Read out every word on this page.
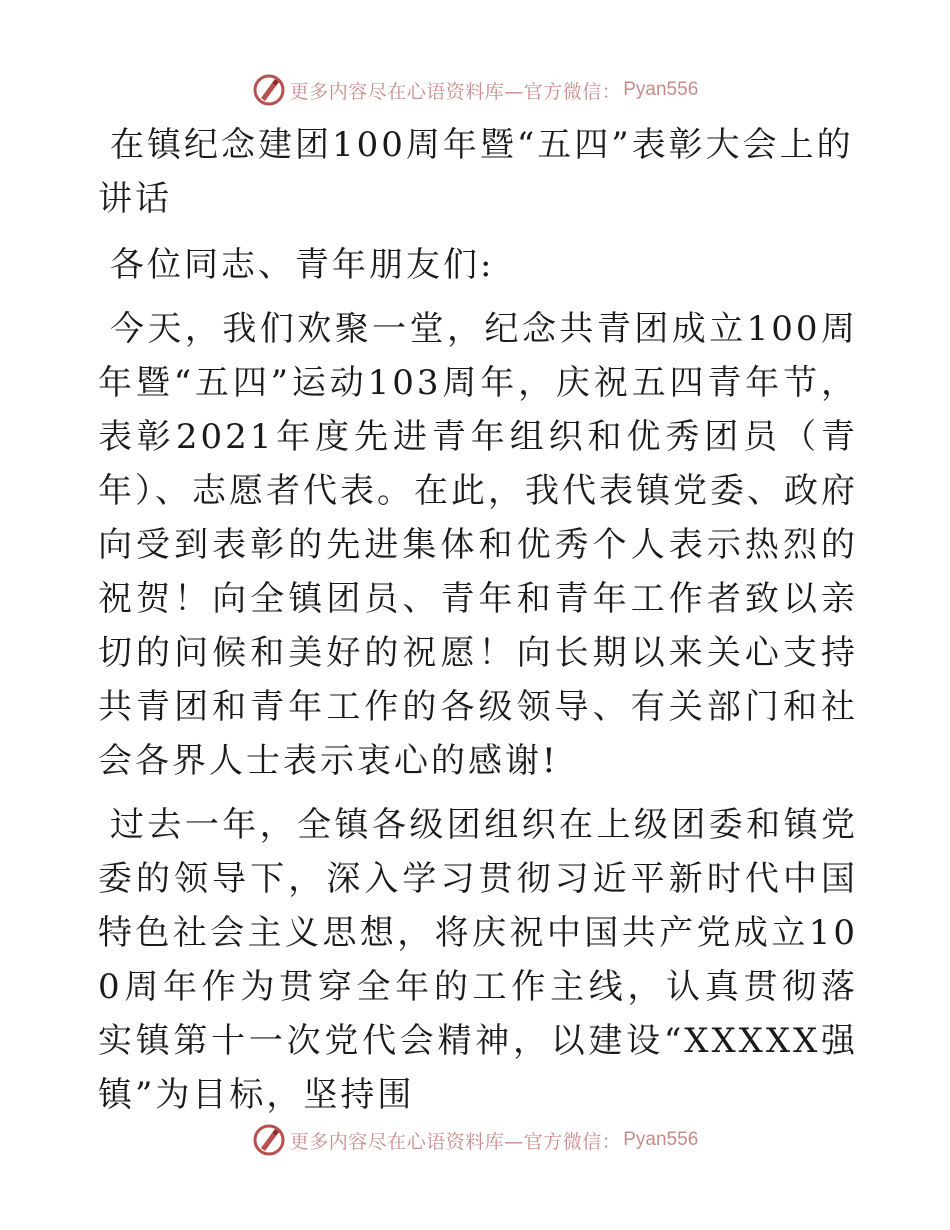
更多内容尽在心语资料库—官方微信： Pyan556

在镇纪念建团100周年暨“五四”表彰大会上的讲话

各位同志、青年朋友们:

今天，我们欢聚一堂，纪念共青团成立100周年暨“五四”运动103周年，庆祝五四青年节，表彰2021年度先进青年组织和优秀团员（青年）、志愿者代表。在此，我代表镇党委、政府向受到表彰的先进集体和优秀个人表示热烈的祝贺！向全镇团员、青年和青年工作者致以亲切的问候和美好的祝愿！向长期以来关心支持共青团和青年工作的各级领导、有关部门和社会各界人士表示衷心的感谢!

过去一年，全镇各级团组织在上级团委和镇党委的领导下，深入学习贯彻习近平新时代中国特色社会主义思想，将庆祝中国共产党成立100周年作为贯穿全年的工作主线，认真贯彻落实镇第十一次党代会精神，以建设“XXXXX强镇”为目标，坚持围

更多内容尽在心语资料库—官方微信： Pyan556
